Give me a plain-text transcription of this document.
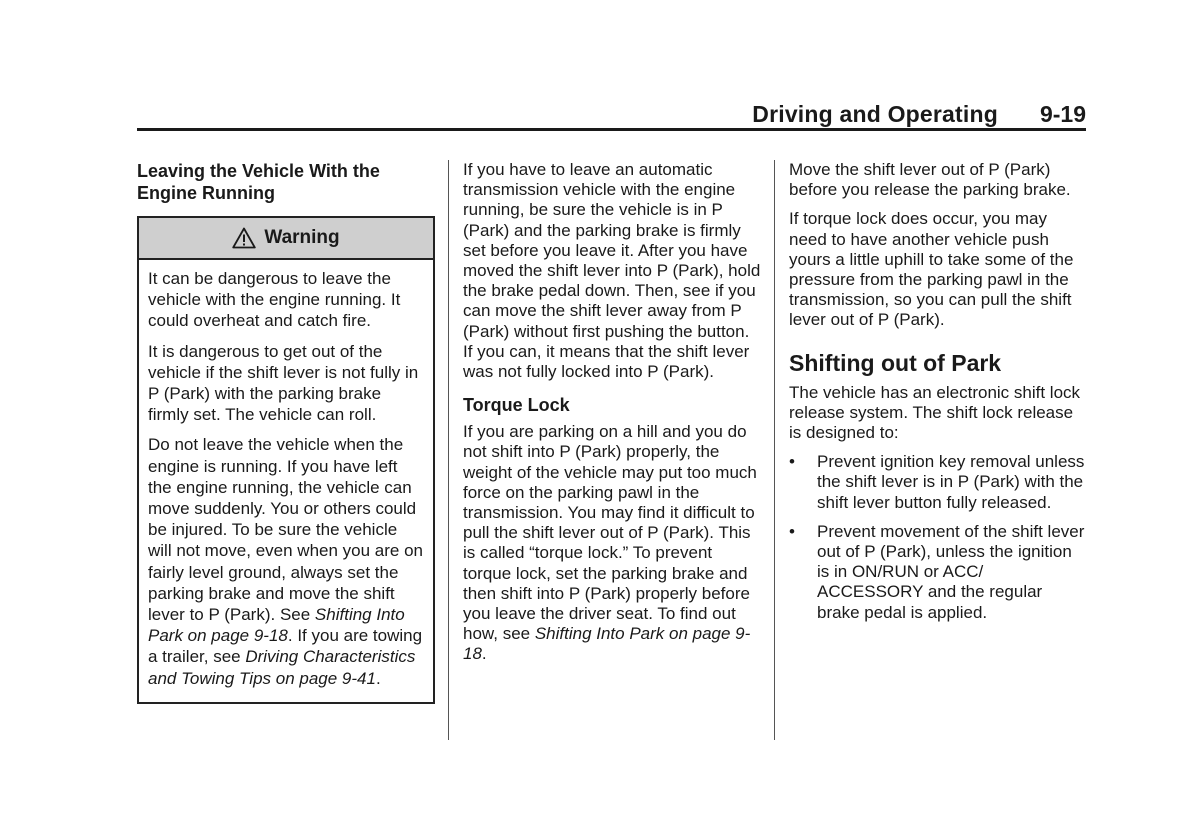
Driving and Operating 9-19
Leaving the Vehicle With the Engine Running
Warning

It can be dangerous to leave the vehicle with the engine running. It could overheat and catch fire.

It is dangerous to get out of the vehicle if the shift lever is not fully in P (Park) with the parking brake firmly set. The vehicle can roll.

Do not leave the vehicle when the engine is running. If you have left the engine running, the vehicle can move suddenly. You or others could be injured. To be sure the vehicle will not move, even when you are on fairly level ground, always set the parking brake and move the shift lever to P (Park). See Shifting Into Park on page 9-18. If you are towing a trailer, see Driving Characteristics and Towing Tips on page 9-41.

If you have to leave an automatic transmission vehicle with the engine running, be sure the vehicle is in P (Park) and the parking brake is firmly set before you leave it. After you have moved the shift lever into P (Park), hold the brake pedal down. Then, see if you can move the shift lever away from P (Park) without first pushing the button. If you can, it means that the shift lever was not fully locked into P (Park).

Torque Lock

If you are parking on a hill and you do not shift into P (Park) properly, the weight of the vehicle may put too much force on the parking pawl in the transmission. You may find it difficult to pull the shift lever out of P (Park). This is called “torque lock.” To prevent torque lock, set the parking brake and then shift into P (Park) properly before you leave the driver seat. To find out how, see Shifting Into Park on page 9-18.

Move the shift lever out of P (Park) before you release the parking brake.

If torque lock does occur, you may need to have another vehicle push yours a little uphill to take some of the pressure from the parking pawl in the transmission, so you can pull the shift lever out of P (Park).

Shifting out of Park

The vehicle has an electronic shift lock release system. The shift lock release is designed to:

• Prevent ignition key removal unless the shift lever is in P (Park) with the shift lever button fully released.
• Prevent movement of the shift lever out of P (Park), unless the ignition is in ON/RUN or ACC/ ACCESSORY and the regular brake pedal is applied.
